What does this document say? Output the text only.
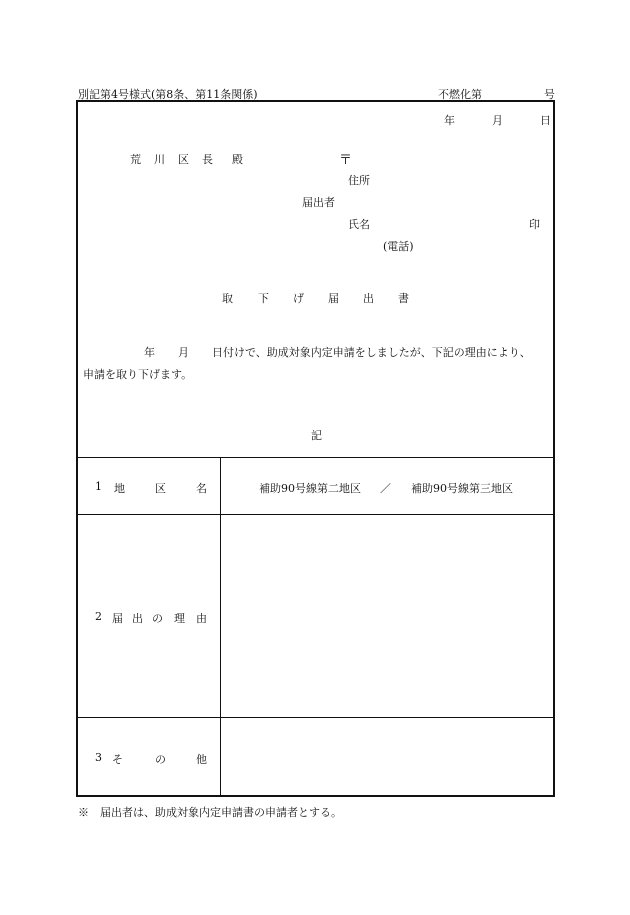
別記第4号様式(第8条、第11条関係)	不燃化第	号
年	月	日
荒 川 区 長 殿	〒
住所
届出者
氏名	印
(電話)
取 下 げ 届 出 書
年 月 日付けで、助成対象内定申請をしましたが、下記の理由により、
申請を取り下げます。
記
1 地	区	名	補助90号線第二地区 ／ 補助90号線第三地区
2 届 出 の 理 由
3 そ	の	他
※　届出者は、助成対象内定申請書の申請者とする。
